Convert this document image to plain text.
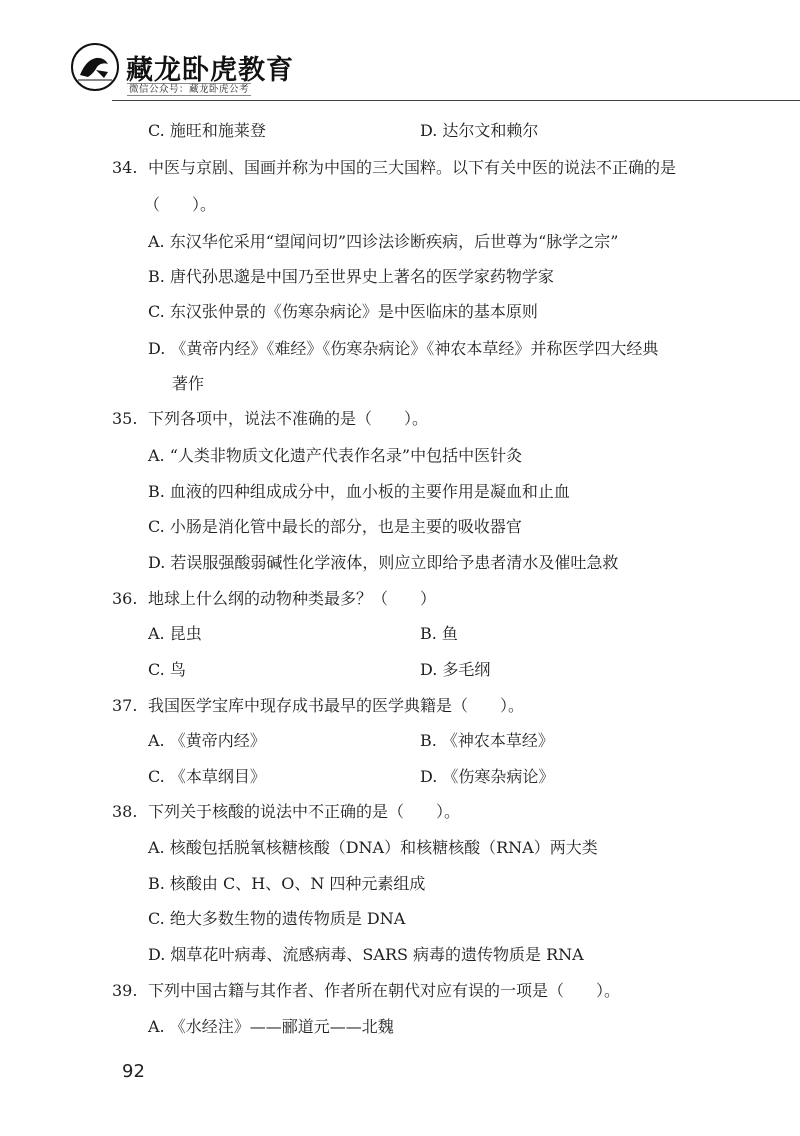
藏龙卧虎教育
微信公众号：藏龙卧虎公考
C. 施旺和施莱登	D. 达尔文和赖尔
34. 中医与京剧、国画并称为中国的三大国粹。以下有关中医的说法不正确的是
（　　）。
A. 东汉华佗采用“望闻问切”四诊法诊断疾病，后世尊为“脉学之宗”
B. 唐代孙思邈是中国乃至世界史上著名的医学家药物学家
C. 东汉张仲景的《伤寒杂病论》是中医临床的基本原则
D. 《黄帝内经》《难经》《伤寒杂病论》《神农本草经》并称医学四大经典
著作
35. 下列各项中，说法不准确的是（　　）。
A. “人类非物质文化遗产代表作名录”中包括中医针灸
B. 血液的四种组成成分中，血小板的主要作用是凝血和止血
C. 小肠是消化管中最长的部分，也是主要的吸收器官
D. 若误服强酸弱碱性化学液体，则应立即给予患者清水及催吐急救
36. 地球上什么纲的动物种类最多？（　　）
A. 昆虫	B. 鱼
C. 鸟	D. 多毛纲
37. 我国医学宝库中现存成书最早的医学典籍是（　　）。
A. 《黄帝内经》	B. 《神农本草经》
C. 《本草纲目》	D. 《伤寒杂病论》
38. 下列关于核酸的说法中不正确的是（　　）。
A. 核酸包括脱氧核糖核酸（DNA）和核糖核酸（RNA）两大类
B. 核酸由 C、H、O、N 四种元素组成
C. 绝大多数生物的遗传物质是 DNA
D. 烟草花叶病毒、流感病毒、SARS 病毒的遗传物质是 RNA
39. 下列中国古籍与其作者、作者所在朝代对应有误的一项是（　　）。
A. 《水经注》——郦道元——北魏
92
